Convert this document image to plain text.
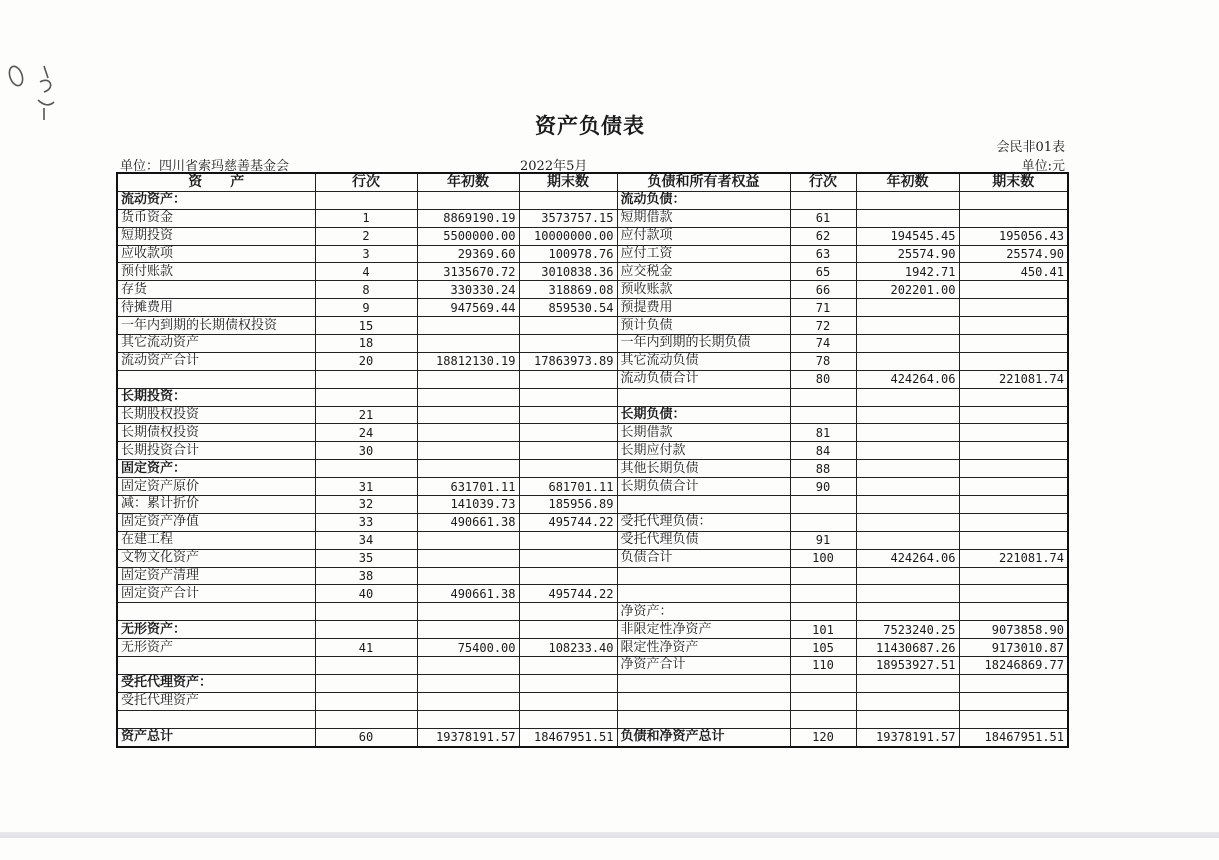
资产负债表
会民非01表
单位：四川省索玛慈善基金会	2022年5月	单位:元
资　　产	行次	年初数	期末数	负债和所有者权益	行次	年初数	期末数
流动资产：				流动负债：			
货币资金	1	8869190.19	3573757.15	短期借款	61		
短期投资	2	5500000.00	10000000.00	应付款项	62	194545.45	195056.43
应收款项	3	29369.60	100978.76	应付工资	63	25574.90	25574.90
预付账款	4	3135670.72	3010838.36	应交税金	65	1942.71	450.41
存货	8	330330.24	318869.08	预收账款	66	202201.00	
待摊费用	9	947569.44	859530.54	预提费用	71		
一年内到期的长期债权投资	15			预计负债	72		
其它流动资产	18			一年内到期的长期负债	74		
流动资产合计	20	18812130.19	17863973.89	其它流动负债	78		
				流动负债合计	80	424264.06	221081.74
长期投资：							
长期股权投资	21			长期负债：			
长期债权投资	24			长期借款	81		
长期投资合计	30			长期应付款	84		
固定资产：				其他长期负债	88		
固定资产原价	31	631701.11	681701.11	长期负债合计	90		
减：累计折价	32	141039.73	185956.89				
固定资产净值	33	490661.38	495744.22	受托代理负债：			
在建工程	34			受托代理负债	91		
文物文化资产	35			负债合计	100	424264.06	221081.74
固定资产清理	38						
固定资产合计	40	490661.38	495744.22				
				净资产：			
无形资产：				非限定性净资产	101	7523240.25	9073858.90
无形资产	41	75400.00	108233.40	限定性净资产	105	11430687.26	9173010.87
				净资产合计	110	18953927.51	18246869.77
受托代理资产：							
受托代理资产							

资产总计	60	19378191.57	18467951.51	负债和净资产总计	120	19378191.57	18467951.51
